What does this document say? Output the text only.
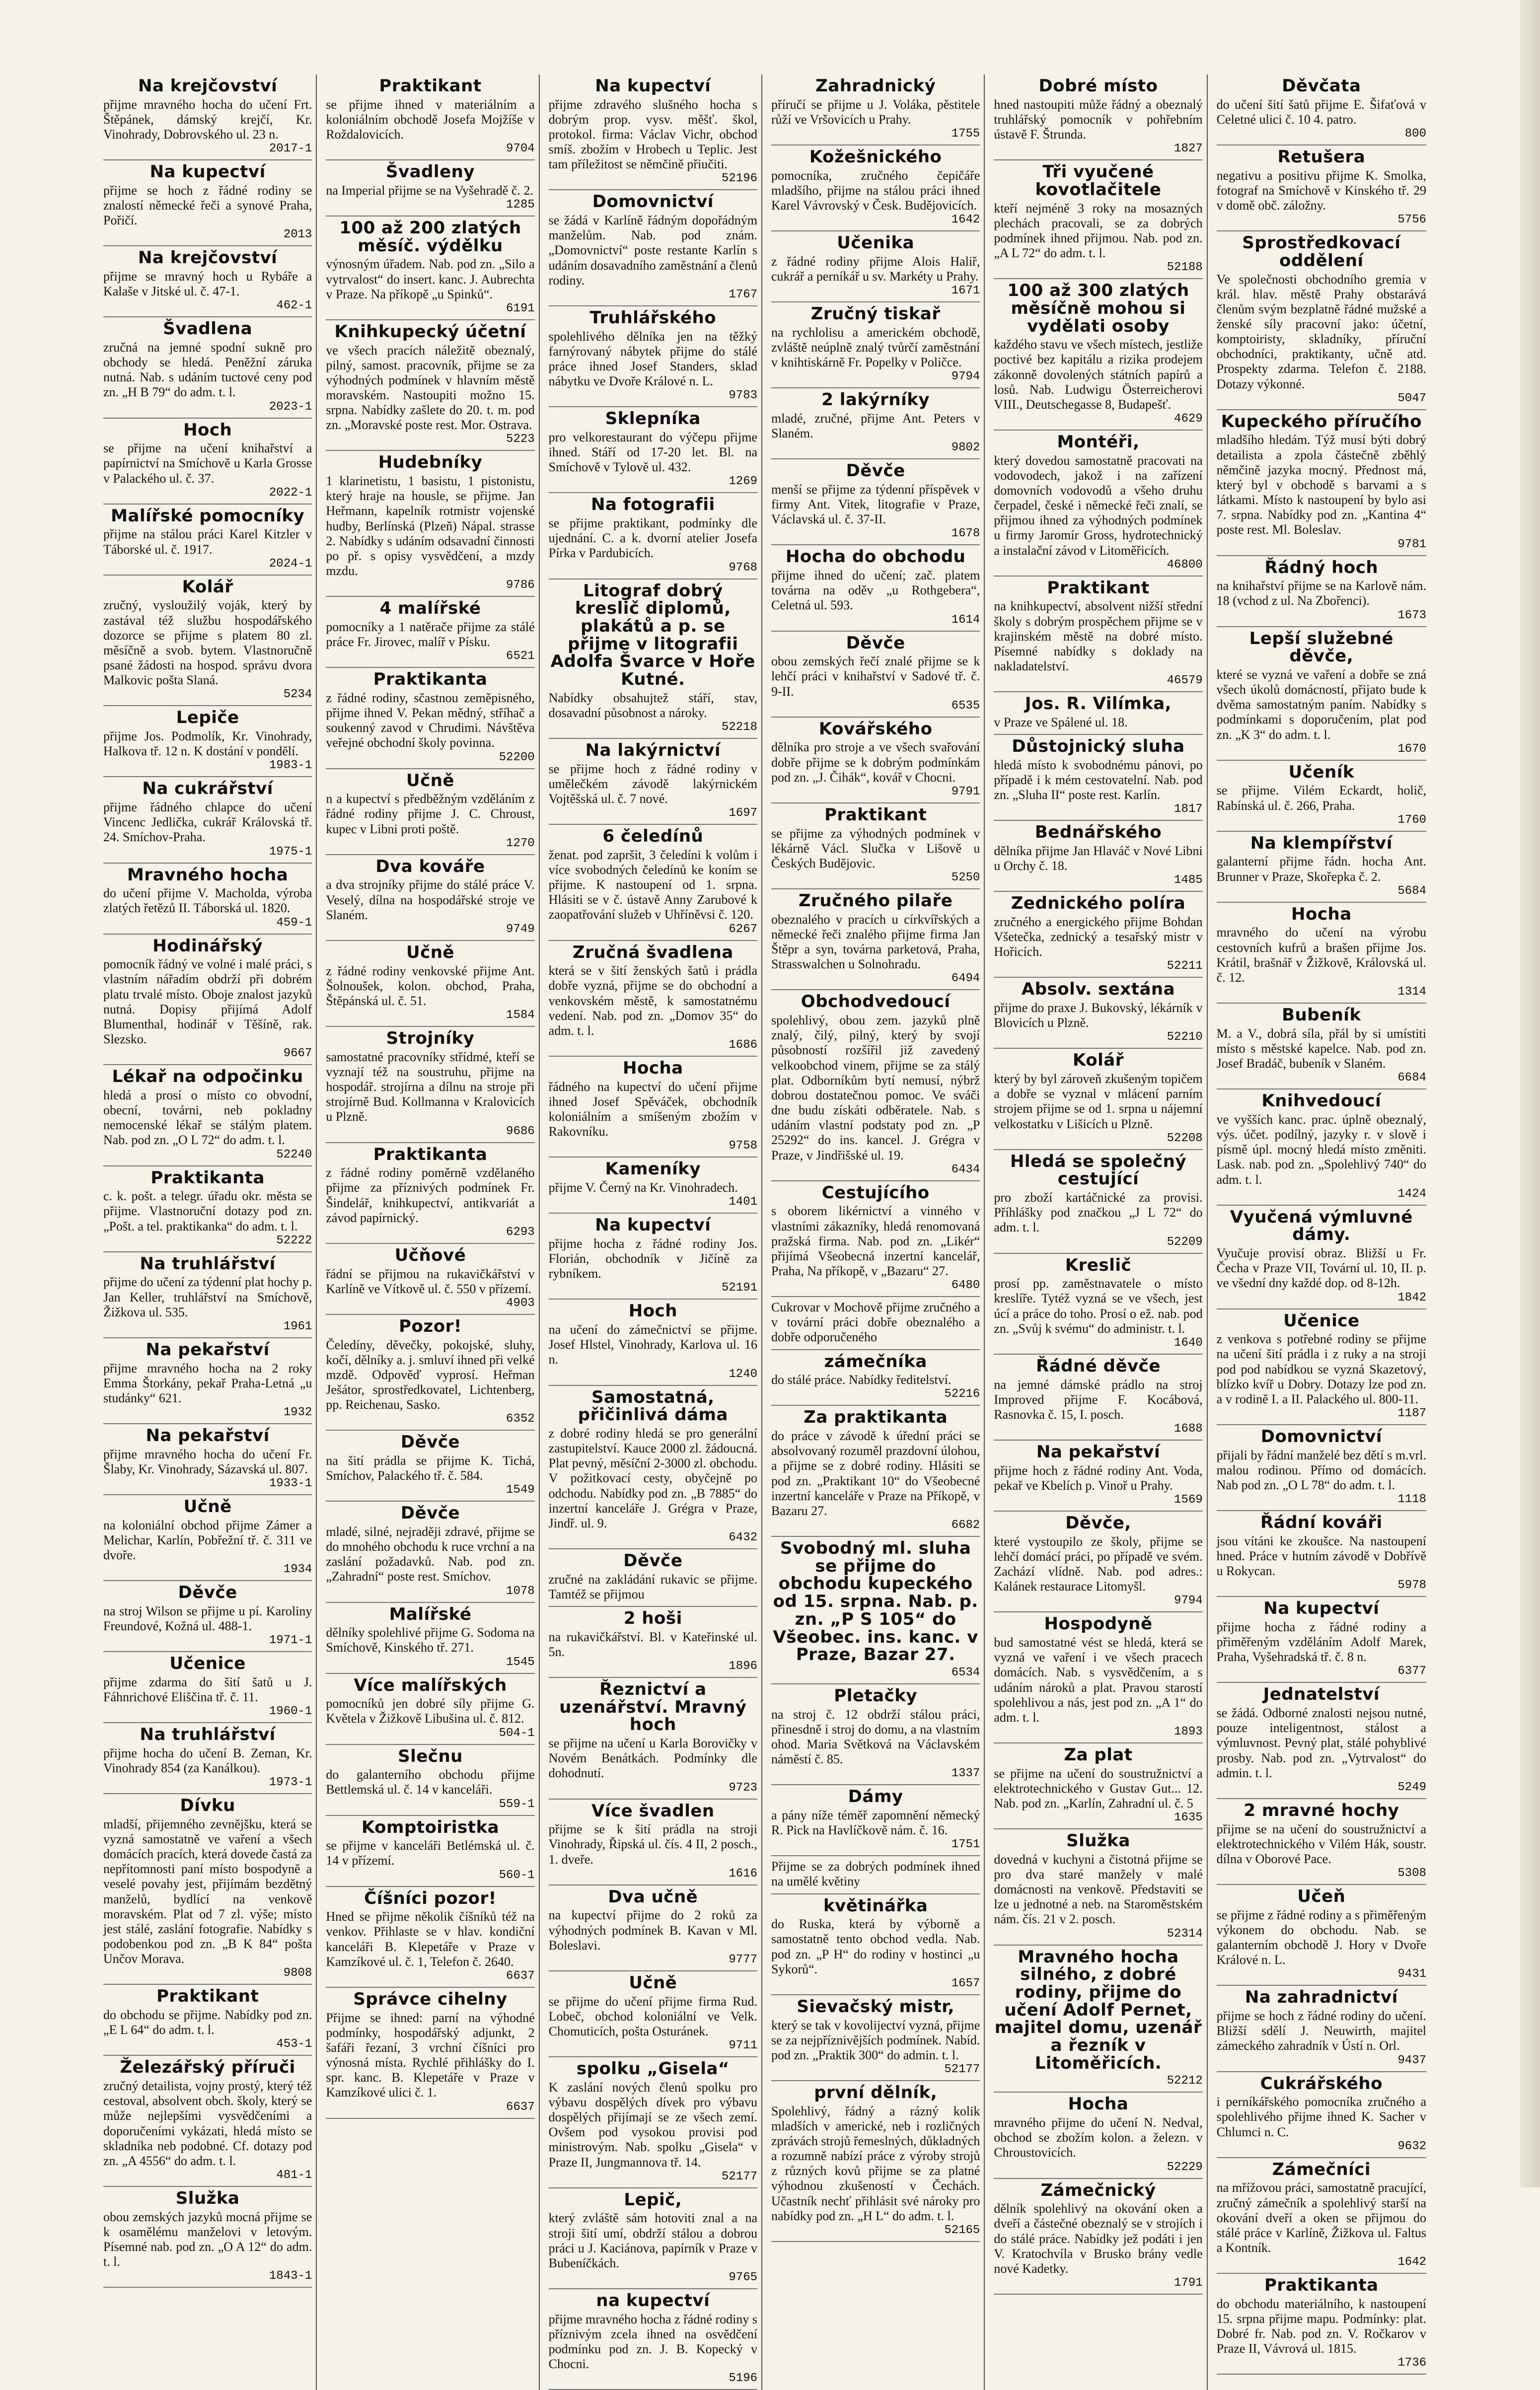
Na krejčovství

přijme mravného hocha do učení Frt. Štěpánek, dámský krejčí, Kr. Vinohrady, Dobrovského ul. 23 n.

2017-1
Na kupectví

přijme se hoch z řádné rodiny se znalostí německé řeči a synové Praha, Pořičí.

2013
Na krejčovství

přijme se mravný hoch u Rybáře a Kalaše v Jitské ul. č. 47-1.

462-1
Švadlena

zručná na jemné spodní sukně pro obchody se hledá. Peněžní záruka nutná. Nab. s udáním tuctové ceny pod zn. „H B 79“ do adm. t. l.

2023-1
Hoch

se přijme na učení knihařství a papírnictví na Smíchově u Karla Grosse v Palackého ul. č. 37.

2022-1
Malířské pomocníky

přijme na stálou práci Karel Kitzler v Táborské ul. č. 1917.

2024-1
Kolář

zručný, vysloužilý voják, který by zastával též službu hospodářského dozorce se přijme s platem 80 zl. měsíčně a svob. bytem. Vlastnoručně psané žádosti na hospod. správu dvora Malkovic pošta Slaná.

5234
Lepiče

přijme Jos. Podmolík, Kr. Vinohrady, Halkova tř. 12 n. K dostání v pondělí.

1983-1
Na cukrářství

přijme řádného chlapce do učení Vincenc Jedlička, cukrář Královská tř. 24. Smíchov-Praha.

1975-1
Mravného hocha

do učení přijme V. Macholda, výroba zlatých řetězů II. Táborská ul. 1820.

459-1
Hodinářský

pomocník řádný ve volné i malé práci, s vlastním nářadím obdrží při dobrém platu trvalé místo. Oboje znalost jazyků nutná. Dopisy přijímá Adolf Blumenthal, hodinář v Těšíně, rak. Slezsko.

9667
Lékař na odpočinku

hledá a prosí o místo co obvodní, obecní, továrni, neb pokladny nemocenské lékař se stálým platem. Nab. pod zn. „O L 72“ do adm. t. l.

52240
Praktikanta

c. k. pošt. a telegr. úřadu okr. města se přijme. Vlastnoruční dotazy pod zn. „Pošt. a tel. praktikanka“ do adm. t. l.

52222
Na truhlářství

přijme do učení za týdenní plat hochy p. Jan Keller, truhlářství na Smíchově, Žižkova ul. 535.

1961
Na pekařství

přijme mravného hocha na 2 roky Emma Štorkány, pekař Praha-Letná „u studánky“ 621.

1932
Na pekařství

přijme mravného hocha do učení Fr. Šlaby, Kr. Vinohrady, Sázavská ul. 807.

1933-1
Učně

na koloniální obchod přijme Zámer a Melichar, Karlín, Pobřežní tř. č. 311 ve dvoře.

1934
Děvče

na stroj Wilson se přijme u pí. Karoliny Freundové, Kožná ul. 488-1.

1971-1
Učenice

přijme zdarma do šití šatů u J. Fáhnrichové Eliščina tř. č. 11.

1960-1
Na truhlářství

přijme hocha do učení B. Zeman, Kr. Vinohrady 854 (za Kanálkou).

1973-1
Dívku

mladší, přijemného zevnějšku, která se vyzná samostatně ve vaření a všech domácích pracích, která dovede častá za nepřítomnosti paní místo bospodyně a veselé povahy jest, přijímám bezdětný manželů, bydlící na venkově moravském. Plat od 7 zl. výše; místo jest stálé, zaslání fotografie. Nabídky s podobenkou pod zn. „B K 84“ pošta Unčov Morava.

9808
Praktikant

do obchodu se přijme. Nabídky pod zn. „E L 64“ do adm. t. l.

453-1
Železářský příruči

zručný detailista, vojny prostý, který též cestoval, absolvent obch. školy, který se může nejlepšími vysvědčeními a doporučeními vykázati, hledá místo se skladníka neb podobné. Cf. dotazy pod zn. „A 4556“ do adm. t. l.

481-1
Služka

obou zemských jazyků mocná přijme se k osamělému manželovi v letovým. Písemné nab. pod zn. „O A 12“ do adm. t. l.

1843-1
Praktikant

se přijme ihned v materiálním a koloniálním obchodě Josefa Mojžíše v Roždalovicích.

9704
Švadleny

na Imperial přijme se na Vyšehradě č. 2.

1285
100 až 200 zlatých měsíč. výdělku

výnosným úřadem. Nab. pod zn. „Silo a vytrvalost“ do insert. kanc. J. Aubrechta v Praze. Na příkopě „u Spinků“.

6191
Knihkupecký účetní

ve všech pracích náležitě obeznalý, pilný, samost. pracovník, přijme se za výhodných podmínek v hlavním městě moravském. Nastoupiti možno 15. srpna. Nabídky zašlete do 20. t. m. pod zn. „Moravské poste rest. Mor. Ostrava.

5223
Hudebníky

1 klarinetistu, 1 basistu, 1 pistonistu, který hraje na housle, se přijme. Jan Heřmann, kapelník rotmistr vojenské hudby, Berlínská (Plzeň) Nápal. strasse 2. Nabídky s udáním odsavadní činnosti po př. s opisy vysvědčení, a mzdy mzdu.

9786
4 malířské

pomocníky a 1 natěrače přijme za stálé práce Fr. Jirovec, malíř v Písku.

6521
Praktikanta

z řádné rodiny, sčastnou zeměpisného, přijme ihned V. Pekan mědný, stříhač a soukenný zavod v Chrudimi. Návštěva veřejné obchodní školy povinna.

52200
Učně

n a kupectví s předběžným vzděláním z řádné rodiny přijme J. C. Chroust, kupec v Libni proti poště.

1270
Dva kováře

a dva strojníky přijme do stálé práce V. Veselý, dílna na hospodářské stroje ve Slaném.

9749
Učně

z řádné rodiny venkovské přijme Ant. Šolnoušek, kolon. obchod, Praha, Štěpánská ul. č. 51.

1584
Strojníky

samostatné pracovníky střídmé, kteří se vyznají též na soustruhu, přijme na hospodář. strojírna a dílnu na stroje při strojírně Bud. Kollmanna v Kralovicích u Plzně.

9686
Praktikanta

z řádné rodiny poměrně vzdělaného přijme za příznivých podmínek Fr. Šindelář, knihkupectví, antikvariát a závod papírnický.

6293
Učňové

řádní se přijmou na rukavičkářství v Karlíně ve Vítkově ul. č. 550 v přízemí.

4903
Pozor!

Čeledíny, děvečky, pokojské, sluhy, kočí, dělníky a. j. smluví ihned při velké mzdě. Odpověď vyprosí. Heřman Ješátor, sprostředkovatel, Lichtenberg, pp. Reichenau, Sasko.

6352
Děvče

na šití prádla se přijme K. Tichá, Smíchov, Palackého tř. č. 584.

1549
Děvče

mladé, silné, nejraději zdravé, přijme se do mnohého obchodu k ruce vrchní a na zaslání požadavků. Nab. pod zn. „Zahradní“ poste rest. Smíchov.

1078
Malířské

dělníky spolehlivé přijme G. Sodoma na Smíchově, Kinského tř. 271.

1545
Více malířských

pomocníků jen dobré síly přijme G. Květela v Žižkově Libušina ul. č. 812.

504-1
Slečnu

do galanterního obchodu přijme Bettlemská ul. č. 14 v kanceláři.

559-1
Komptoiristka

se přijme v kanceláři Betlémská ul. č. 14 v přízemí.

560-1
Číšníci pozor!

Hned se přijme několik číšníků též na venkov. Přihlaste se v hlav. kondiční kanceláři B. Klepetáře v Praze v Kamzíkové ul. č. 1, Telefon č. 2640.

6637
Správce cihelny

Přijme se ihned: parní na výhodné podmínky, hospodářský adjunkt, 2 šafáři řezaní, 3 vrchní číšníci pro výnosná místa. Rychlé přihlášky do I. spr. kanc. B. Klepetáře v Praze v Kamzíkové ulici č. 1.

6637
Na kupectví

přijme zdravého slušného hocha s dobrým prop. vysv. měšť. škol, protokol. firma: Václav Vichr, obchod smíš. zbožím v Hrobech u Teplic. Jest tam příležitost se němčině přiučiti.

52196
Domovnictví

se žádá v Karlíně řádným dopořádným manželům. Nab. pod znám. „Domovnictví“ poste restante Karlín s udáním dosavadního zaměstnání a členů rodiny.

1767
Truhlářského

spolehlivého dělníka jen na těžký farnýrovaný nábytek přijme do stálé práce ihned Josef Standers, sklad nábytku ve Dvoře Králové n. L.

9783
Sklepníka

pro velkorestaurant do výčepu přijme ihned. Stáří od 17-20 let. Bl. na Smíchově v Tylově ul. 432.

1269
Na fotografii

se přijme praktikant, podmínky dle ujednání. C. a k. dvorní atelier Josefa Pírka v Pardubicích.

9768
Litograf dobrý kreslič diplomů, plakátů a p. se přijme v litografii Adolfa Švarce v Hoře Kutné.

Nabídky obsahujtež stáří, stav, dosavadní působnost a nároky.

52218
Na lakýrnictví

se přijme hoch z řádné rodiny v umělečkém závodě lakýrnickém Vojtěšská ul. č. 7 nové.

1697
6 čeledínů

ženat. pod zapršit, 3 čeledíni k volům i více svobodných čeledínů ke koním se přijme. K nastoupení od 1. srpna. Hlásiti se v č. ústavě Anny Zarubové k zaopatřování služeb v Uhříněvsi č. 120.

6267
Zručná švadlena

která se v šití ženských šatů i prádla dobře vyzná, přijme se do obchodní a venkovském městě, k samostatnému vedení. Nab. pod zn. „Domov 35“ do adm. t. l.

1686
Hocha

řádného na kupectví do učení přijme ihned Josef Spěváček, obchodník koloniálním a smíšeným zbožím v Rakovníku.

9758
Kameníky

přijme V. Černý na Kr. Vinohradech.

1401
Na kupectví

přijme hocha z řádné rodiny Jos. Florián, obchodník v Jičíně za rybníkem.

52191
Hoch

na učení do zámečnictví se přijme. Josef Hlstel, Vinohrady, Karlova ul. 16 n.

1240
Samostatná, přičinlivá dáma

z dobré rodiny hledá se pro generální zastupitelství. Kauce 2000 zl. žádoucná. Plat pevný, měsíční 2-3000 zl. obchodu. V požitkovací cesty, obyčejně po odchodu. Nabídky pod zn. „B 7885“ do inzertní kanceláře J. Grégra v Praze, Jindř. ul. 9.

6432
Děvče

zručné na zakládání rukavic se přijme. Tamtéž se přijmou

2 hoši

na rukavičkářství. Bl. v Kateřinské ul. 5n.

1896
Řeznictví a uzenářství. Mravný hoch

se přijme na učení u Karla Borovičky v Novém Benátkách. Podmínky dle dohodnutí.

9723
Více švadlen

přijme se k šití prádla na stroji Vinohrady, Řipská ul. čís. 4 II, 2 posch., 1. dveře.

1616
Dva učně

na kupectví přijme do 2 roků za výhodných podmínek B. Kavan v Ml. Boleslavi.

9777
Učně

se přijme do učení přijme firma Rud. Lobeč, obchod koloniální ve Velk. Chomuticích, pošta Osturánek.

9711
spolku „Gisela“

K zaslání nových členů spolku pro výbavu dospělých dívek pro výbavu dospělých přijímají se ze všech zemí. Ovšem pod vysokou provisi pod ministrovým. Nab. spolku „Gisela“ v Praze II, Jungmannova tř. 14.

52177
Lepič,

který zvláště sám hotoviti znal a na stroji šití umí, obdrží stálou a dobrou práci u J. Kaciánova, papírník v Praze v Bubeníčkách.

9765
na kupectví

přijme mravného hocha z řádné rodiny s příznivým zcela ihned na osvědčení podmínku pod zn. J. B. Kopecký v Chocni.

5196
Zahradnický

příručí se přijme u J. Voláka, pěstitele růží ve Vršovicích u Prahy.

1755
Kožešnického

pomocníka, zručného čepičáře mladšího, přijme na stálou práci ihned Karel Vávrovský v Česk. Budějovicích.

1642
Učenika

z řádné rodiny přijme Alois Haliř, cukrář a perníkář u sv. Markéty u Prahy.

1671
Zručný tiskař

na rychlolisu a americkém obchodě, zvláště neúplně znalý tvůrčí zaměstnání v knihtiskárně Fr. Popelky v Poličce.

9794
2 lakýrníky

mladé, zručné, přijme Ant. Peters v Slaném.

9802
Děvče

menší se přijme za týdenní příspěvek v firmy Ant. Vitek, litografie v Praze, Václavská ul. č. 37-II.

1678
Hocha do obchodu

přijme ihned do učení; zač. platem továrna na oděv „u Rothgebera“, Celetná ul. 593.

1614
Děvče

obou zemských řečí znalé přijme se k lehčí práci v knihařství v Sadové tř. č. 9-II.

6535
Kovářského

dělníka pro stroje a ve všech svařování dobře přijme se k dobrým podmínkám pod zn. „J. Čihák“, kovář v Chocni.

9791
Praktikant

se přijme za výhodných podmínek v lékárně Václ. Slučka v Lišově u Českých Budějovic.

5250
Zručného pilaře

obeznalého v pracích u církvířských a německé řeči znalého přijme firma Jan Štěpr a syn, továrna parketová, Praha, Strasswalchen u Solnohradu.

6494
Obchodvedoucí

spolehlivý, obou zem. jazyků plně znalý, čilý, pilný, který by svojí působností rozšířil již zavedený velkoobchod vinem, přijme se za stálý plat. Odborníkům bytí nemusí, nýbrž dobrou dostatečnou pomoc. Ve sváči dne budu získáti odběratele. Nab. s udáním vlastní podstaty pod zn. „P 25292“ do ins. kancel. J. Grégra v Praze, v Jindřišské ul. 19.

6434
Cestujícího

s oborem likérnictví a vinného v vlastními zákazníky, hledá renomovaná pražská firma. Nab. pod zn. „Likér“ přijímá Všeobecná inzertní kancelář, Praha, Na příkopě, v „Bazaru“ 27.

6480

Cukrovar v Mochově přijme zručného a v tovární práci dobře obeznalého a dobře odporučeného

zámečníka

do stálé práce. Nabídky ředitelství.

52216
Za praktikanta

do práce v závodě k úřední práci se absolvovaný rozuměl prazdovní úlohou, a přijme se z dobré rodiny. Hlásiti se pod zn. „Praktikant 10“ do Všeobecné inzertní kanceláře v Praze na Příkopě, v Bazaru 27.

6682
Svobodný ml. sluha se přijme do obchodu kupeckého od 15. srpna. Nab. p. zn. „P S 105“ do Všeobec. ins. kanc. v Praze, Bazar 27.
6534
Pletačky

na stroj č. 12 obdrží stálou práci, přinesdně i stroj do domu, a na vlastním ohod. Maria Světková na Václavském náměstí č. 85.

1337
Dámy

a pány níže téměř zapomnění německý R. Pick na Havlíčkově nám. č. 16.

1751

Přijme se za dobrých podmínek ihned na umělé květiny

květinářka

do Ruska, která by výborně a samostatně tento obchod vedla. Nab. pod zn. „P H“ do rodiny v hostinci „u Sykorů“.

1657
Sievačský mistr,

který se tak v kovolijectví vyzná, přijme se za nejpříznivějších podmínek. Nabíd. pod zn. „Praktik 300“ do admin. t. l.

52177
první dělník,

Spolehlivý, řádný a rázný kolik mladších v americké, neb i rozličných zprávách strojů řemeslných, důkladných a rozumně nabízí práce z výroby strojů z různých kovů přijme se za platné výhodnou zkušeností v Čechách. Učastník nechť přihlásit své nároky pro nabídky pod zn. „H L“ do adm. t. l.

52165
Dobré místo

hned nastoupiti může řádný a obeznalý truhlářský pomocník v pohřebním ústavě F. Štrunda.

1827
Tři vyučené kovotlačitele

kteří nejméně 3 roky na mosazných plechách pracovali, se za dobrých podmínek ihned přijmou. Nab. pod zn. „A L 72“ do adm. t. l.

52188
100 až 300 zlatých měsíčně mohou si vydělati osoby

každého stavu ve všech místech, jestliže poctivé bez kapitálu a rizika prodejem zákonně dovolených státních papírů a losů. Nab. Ludwigu Österreicherovi VIII., Deutschegasse 8, Budapešť.

4629
Montéři,

který dovedou samostatně pracovati na vodovodech, jakož i na zařízení domovních vodovodů a všeho druhu čerpadel, české i německé řeči znalí, se přijmou ihned za výhodných podmínek u firmy Jaromír Gross, hydrotechnický a instalační závod v Litoměřicích.

46800
Praktikant

na knihkupectví, absolvent nižší střední školy s dobrým prospěchem přijme se v krajinském městě na dobré místo. Písemné nabídky s doklady na nakladatelství.

46579
Jos. R. Vilímka,

v Praze ve Spálené ul. 18.

Důstojnický sluha

hledá místo k svobodnému pánovi, po případě i k mém cestovatelní. Nab. pod zn. „Sluha II“ poste rest. Karlín.

1817
Bednářského

dělníka přijme Jan Hlaváč v Nové Libni u Orchy č. 18.

1485
Zednického políra

zručného a energického přijme Bohdan Všetečka, zednický a tesařský mistr v Hořicích.

52211
Absolv. sextána

přijme do praxe J. Bukovský, lékárník v Blovicích u Plzně.

52210
Kolář

který by byl zároveň zkušeným topičem a dobře se vyznal v mlácení parním strojem přijme se od 1. srpna u nájemní velkostatku v Lišicích u Plzně.

52208
Hledá se společný cestující

pro zboží kartáčnické za provisi. Příhlášky pod značkou „J L 72“ do adm. t. l.

52209
Kreslič

prosí pp. zaměstnavatele o místo kreslíře. Tytéž vyzná se ve všech, jest úcí a práce do toho. Prosí o ež. nab. pod zn. „Svůj k svému“ do administr. t. l.

1640
Řádné děvče

na jemné dámské prádlo na stroj Improved přijme F. Kocábová, Rasnovka č. 15, I. posch.

1688
Na pekařství

přijme hoch z řádné rodiny Ant. Voda, pekař ve Kbelích p. Vinoř u Prahy.

1569
Děvče,

které vystoupilo ze školy, přijme se lehčí domácí práci, po případě ve svém. Zachází vlídně. Nab. pod adres.: Kalánek restaurace Litomyšl.

9794
Hospodyně

bud samostatné vést se hledá, která se vyzná ve vaření i ve všech pracech domácích. Nab. s vysvědčením, a s udáním nároků a plat. Pravou starostí spolehlivou a nás, jest pod zn. „A 1“ do adm. t. l.

1893
Za plat

se přijme na učení do soustružnictví a elektrotechnického v Gustav Gut... 12. Nab. pod zn. „Karlín, Zahradní ul. č. 5

1635
Služka

dovedná v kuchyni a čistotná přijme se pro dva staré manžely v malé domácnosti na venkově. Představiti se lze u jednotné a neb. na Staroměstském nám. čís. 21 v 2. posch.

52314
Mravného hocha silného, z dobré rodiny, přijme do učení Adolf Pernet, majitel domu, uzenář a řezník v Litoměřicích.
52212
Hocha

mravného přijme do učení N. Nedval, obchod se zbožím kolon. a železn. v Chroustovicích.

52229
Zámečnický

dělník spolehlivý na okování oken a dveří a částečné obeznalý se v strojích i do stálé práce. Nabídky jež podáti i jen V. Kratochvíla v Brusko brány vedle nové Kadetky.

1791
Děvčata

do učení šití šatů přijme E. Šifaťová v Celetné ulici č. 10 4. patro.

800
Retušera

negativu a positivu přijme K. Smolka, fotograf na Smíchově v Kinského tř. 29 v domě obč. záložny.

5756
Sprostředkovací oddělení

Ve společnosti obchodního gremia v král. hlav. městě Prahy obstarává členům svým bezplatně řádné mužské a ženské síly pracovní jako: účetní, komptoiristy, skladníky, příruční obchodníci, praktikanty, učně atd. Prospekty zdarma. Telefon č. 2188. Dotazy výkonné.

5047
Kupeckého příručího

mladšího hledám. Týž musí býti dobrý detailista a zpola částečně zběhlý němčině jazyka mocný. Přednost má, který byl v obchodě s barvami a s látkami. Místo k nastoupení by bylo asi 7. srpna. Nabídky pod zn. „Kantina 4“ poste rest. Ml. Boleslav.

9781
Řádný hoch

na knihařství přijme se na Karlově nám. 18 (vchod z ul. Na Zbořenci).

1673
Lepší služebné děvče,

které se vyzná ve vaření a dobře se zná všech úkolů domácností, přijato bude k dvěma samostatným paním. Nabídky s podmínkami s doporučením, plat pod zn. „K 3“ do adm. t. l.

1670
Učeník

se přijme. Vilém Eckardt, holič, Rabínská ul. č. 266, Praha.

1760
Na klempířství

galanterní přijme řádn. hocha Ant. Brunner v Praze, Skořepka č. 2.

5684
Hocha

mravného do učení na výrobu cestovních kufrů a brašen přijme Jos. Krátil, brašnář v Žižkově, Královská ul. č. 12.

1314
Bubeník

M. a V., dobrá síla, přál by si umístiti místo s městské kapelce. Nab. pod zn. Josef Bradáč, bubeník v Slaném.

6684
Knihvedoucí

ve vyšších kanc. prac. úplně obeznalý, výs. účet. podílný, jazyky r. v slově i písmě úpl. mocný hledá místo změniti. Lask. nab. pod zn. „Spolehlivý 740“ do adm. t. l.

1424
Vyučená výmluvné dámy.

Vyučuje provisí obraz. Bližší u Fr. Čecha v Praze VII, Tovární ul. 10, II. p. ve všední dny každé dop. od 8-12h.

1842
Učenice

z venkova s potřebné rodiny se přijme na učení šití prádla i z ruky a na stroji pod pod nabídkou se vyzná Skazetový, blízko kvíř u Dobry. Dotazy lze pod zn. a v rodině I. a II. Palackého ul. 800-11.

1187
Domovnictví

přijali by řádní manželé bez dětí s m.vrl. malou rodinou. Přímo od domácích. Nab pod zn. „O L 78“ do adm. t. l.

1118
Řádní kováři

jsou vítáni ke zkoušce. Na nastoupení hned. Práce v hutním závodě v Dobřívě u Rokycan.

5978
Na kupectví

přijme hocha z řádné rodiny a přiměřeným vzděláním Adolf Marek, Praha, Vyšehradská tř. č. 8 n.

6377
Jednatelství

se žádá. Odborné znalosti nejsou nutné, pouze inteligentnost, stálost a výmluvnost. Pevný plat, stálé pohyblivé prosby. Nab. pod zn. „Vytrvalost“ do admin. t. l.

5249
2 mravné hochy

přijme se na učení do soustružnictví a elektrotechnického v Vilém Hák, soustr. dílna v Oborové Pace.

5308
Učeň

se přijme z řádné rodiny a s přiměřeným výkonem do obchodu. Nab. se galanterním obchodě J. Hory v Dvoře Králové n. L.

9431
Na zahradnictví

přijme se hoch z řádné rodiny do učení. Bližší sdělí J. Neuwirth, majitel zámeckého zahradník v Ústí n. Orl.

9437
Cukrářského

i perníkářského pomocníka zručného a spolehlivého přijme ihned K. Sacher v Chlumci n. C.

9632
Zámečníci

na mřížovou práci, samostatně pracující, zručný zámečník a spolehlivý starší na okování dveří a oken se přijmou do stálé práce v Karlíně, Žižkova ul. Faltus a Kontník.

1642
Praktikanta

do obchodu materiálního, k nastoupení 15. srpna přijme mapu. Podmínky: plat. Dobré fr. Nab. pod zn. V. Ročkarov v Praze II, Vávrová ul. 1815.

1736
